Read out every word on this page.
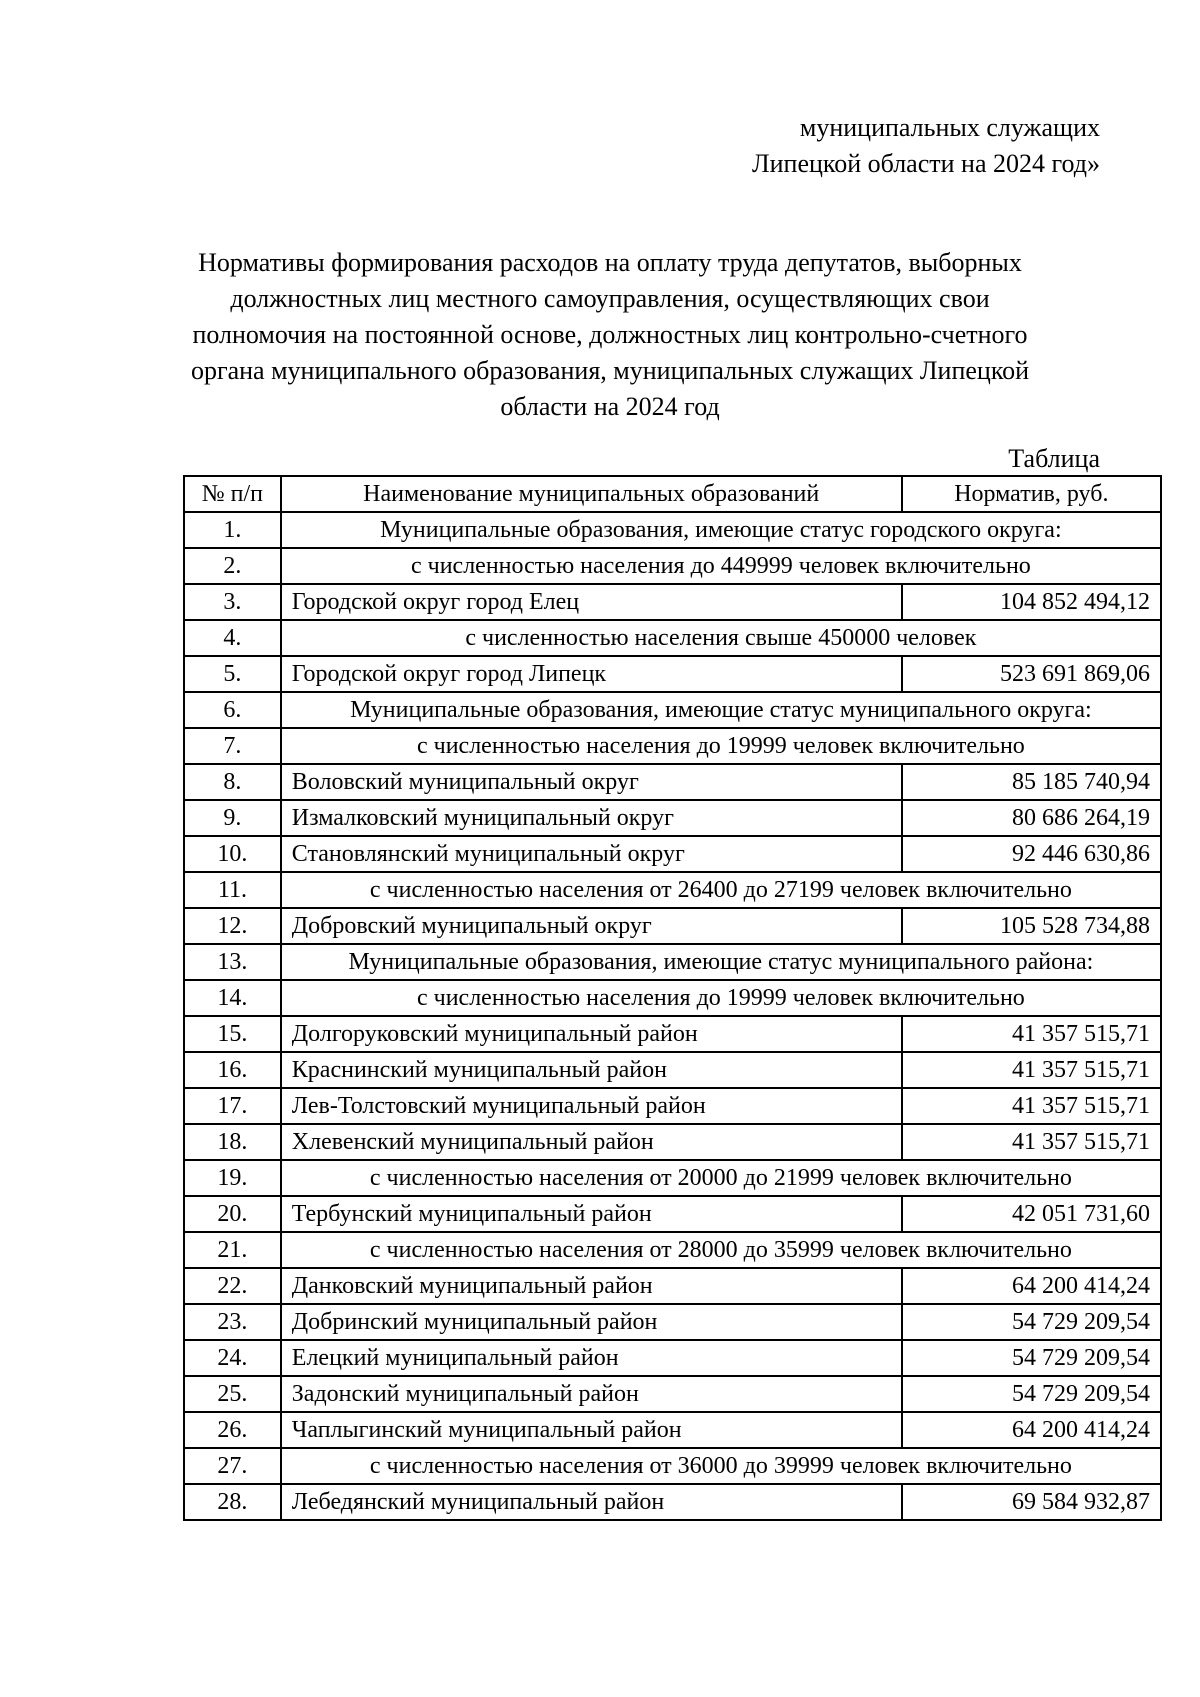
муниципальных служащих
Липецкой области на 2024 год»
Нормативы формирования расходов на оплату труда депутатов, выборных
должностных лиц местного самоуправления, осуществляющих свои
полномочия на постоянной основе, должностных лиц контрольно-счетного
органа муниципального образования, муниципальных служащих Липецкой
области на 2024 год
Таблица
№ п/п	Наименование муниципальных образований	Норматив, руб.
1.	Муниципальные образования, имеющие статус городского округа:	
2.	с численностью населения до 449999 человек включительно	
3.	Городской округ город Елец	104 852 494,12
4.	с численностью населения свыше 450000 человек	
5.	Городской округ город Липецк	523 691 869,06
6.	Муниципальные образования, имеющие статус муниципального округа:	
7.	с численностью населения до 19999 человек включительно	
8.	Воловский муниципальный округ	85 185 740,94
9.	Измалковский муниципальный округ	80 686 264,19
10.	Становлянский муниципальный округ	92 446 630,86
11.	с численностью населения от 26400 до 27199 человек включительно	
12.	Добровский муниципальный округ	105 528 734,88
13.	Муниципальные образования, имеющие статус муниципального района:	
14.	с численностью населения до 19999 человек включительно	
15.	Долгоруковский муниципальный район	41 357 515,71
16.	Краснинский муниципальный район	41 357 515,71
17.	Лев-Толстовский муниципальный район	41 357 515,71
18.	Хлевенский муниципальный район	41 357 515,71
19.	с численностью населения от 20000 до 21999 человек включительно	
20.	Тербунский муниципальный район	42 051 731,60
21.	с численностью населения от 28000 до 35999 человек включительно	
22.	Данковский муниципальный район	64 200 414,24
23.	Добринский муниципальный район	54 729 209,54
24.	Елецкий муниципальный район	54 729 209,54
25.	Задонский муниципальный район	54 729 209,54
26.	Чаплыгинский муниципальный район	64 200 414,24
27.	с численностью населения от 36000 до 39999 человек включительно	
28.	Лебедянский муниципальный район	69 584 932,87
